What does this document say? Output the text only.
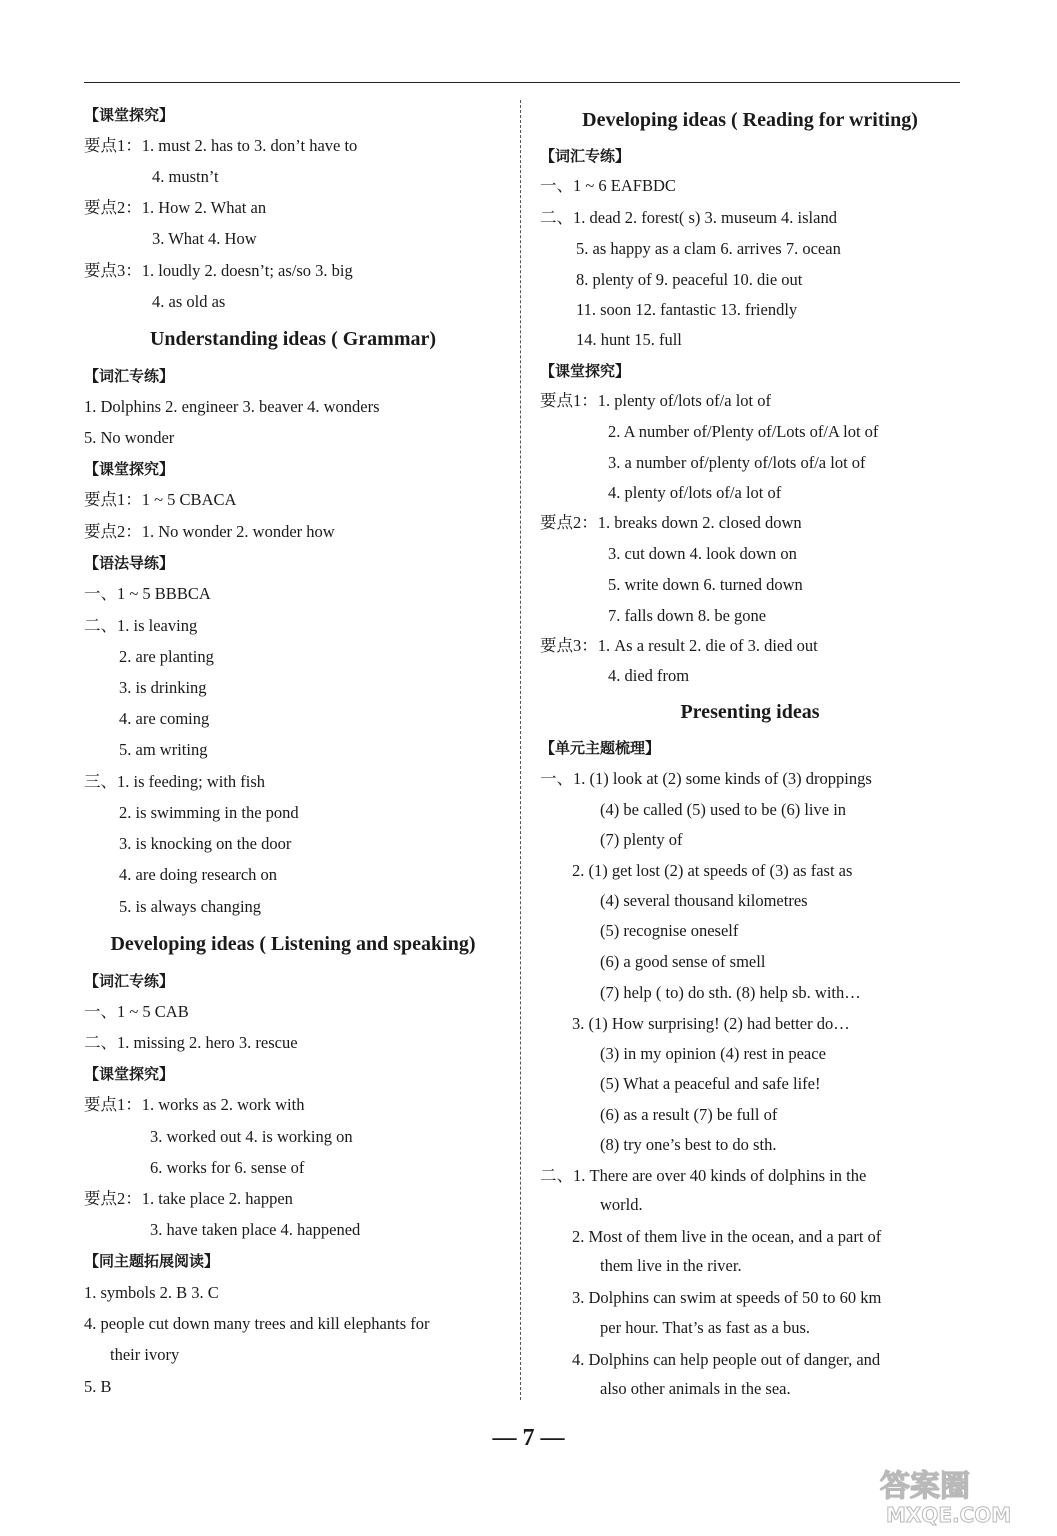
【课堂探究】
要点1：1. must 2. has to 3. don’t have to
4. mustn’t
要点2：1. How 2. What an
3. What 4. How
要点3：1. loudly 2. doesn’t; as/so 3. big
4. as old as
Understanding ideas ( Grammar)
【词汇专练】
1. Dolphins 2. engineer 3. beaver 4. wonders
5. No wonder
【课堂探究】
要点1：1 ~ 5 CBACA
要点2：1. No wonder 2. wonder how
【语法导练】
一、1 ~ 5 BBBCA
二、1. is leaving
2. are planting
3. is drinking
4. are coming
5. am writing
三、1. is feeding; with fish
2. is swimming in the pond
3. is knocking on the door
4. are doing research on
5. is always changing
Developing ideas ( Listening and speaking)
【词汇专练】
一、1 ~ 5 CAB
二、1. missing 2. hero 3. rescue
【课堂探究】
要点1：1. works as 2. work with
3. worked out 4. is working on
6. works for 6. sense of
要点2：1. take place 2. happen
3. have taken place 4. happened
【同主题拓展阅读】
1. symbols 2. B 3. C
4. people cut down many trees and kill elephants for
their ivory
5. B
Developing ideas ( Reading for writing)
【词汇专练】
一、1 ~ 6 EAFBDC
二、1. dead 2. forest( s) 3. museum 4. island
5. as happy as a clam 6. arrives 7. ocean
8. plenty of 9. peaceful 10. die out
11. soon 12. fantastic 13. friendly
14. hunt 15. full
【课堂探究】
要点1：1. plenty of/lots of/a lot of
2. A number of/Plenty of/Lots of/A lot of
3. a number of/plenty of/lots of/a lot of
4. plenty of/lots of/a lot of
要点2：1. breaks down 2. closed down
3. cut down 4. look down on
5. write down 6. turned down
7. falls down 8. be gone
要点3：1. As a result 2. die of 3. died out
4. died from
Presenting ideas
【单元主题梳理】
一、1. (1) look at (2) some kinds of (3) droppings
(4) be called (5) used to be (6) live in
(7) plenty of
2. (1) get lost (2) at speeds of (3) as fast as
(4) several thousand kilometres
(5) recognise oneself
(6) a good sense of smell
(7) help ( to) do sth. (8) help sb. with…
3. (1) How surprising! (2) had better do…
(3) in my opinion (4) rest in peace
(5) What a peaceful and safe life!
(6) as a result (7) be full of
(8) try one’s best to do sth.
二、1. There are over 40 kinds of dolphins in the
world.
2. Most of them live in the ocean, and a part of
them live in the river.
3. Dolphins can swim at speeds of 50 to 60 km
per hour. That’s as fast as a bus.
4. Dolphins can help people out of danger, and
also other animals in the sea.
— 7 —
答案圈
MXQE.COM
